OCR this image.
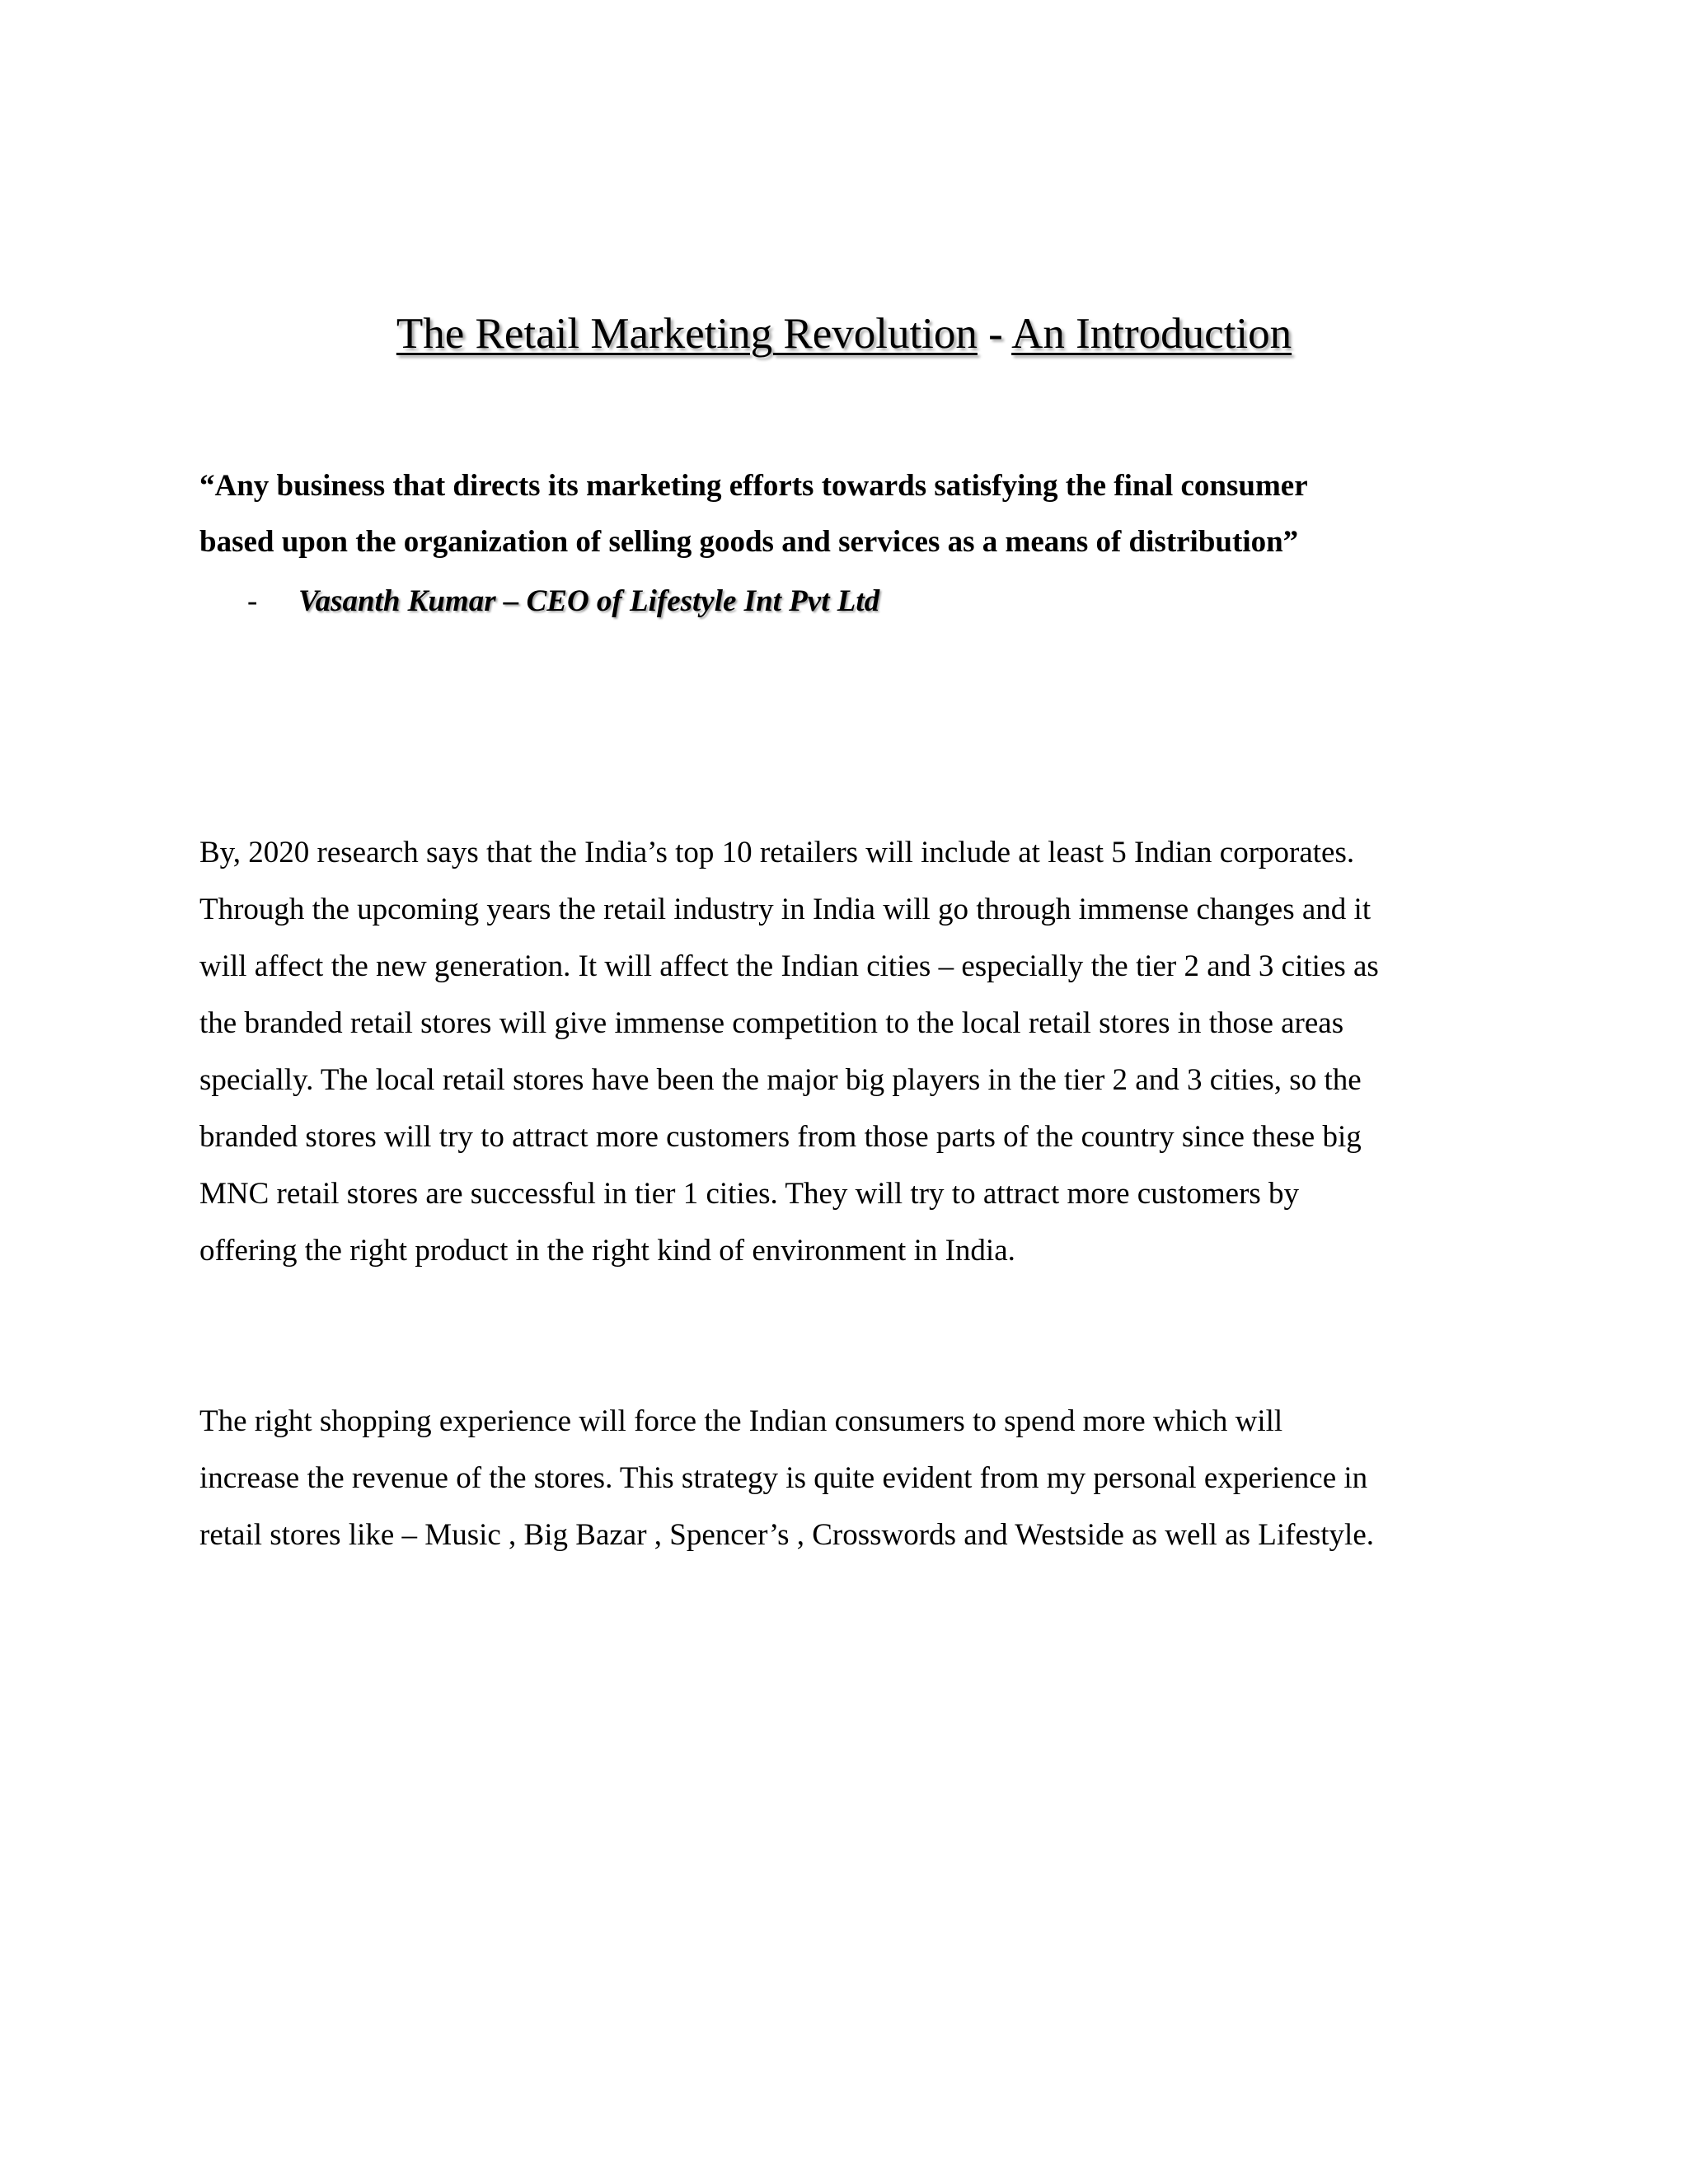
The Retail Marketing Revolution - An Introduction
“Any business that directs its marketing efforts towards satisfying the final consumer
based upon the organization of selling goods and services as a means of distribution”
- Vasanth Kumar – CEO of Lifestyle Int Pvt Ltd
By, 2020 research says that the India’s top 10 retailers will include at least 5 Indian corporates.
Through the upcoming years the retail industry in India will go through immense changes and it
will affect the new generation. It will affect the Indian cities – especially the tier 2 and 3 cities as
the branded retail stores will give immense competition to the local retail stores in those areas
specially. The local retail stores have been the major big players in the tier 2 and 3 cities, so the
branded stores will try to attract more customers from those parts of the country since these big
MNC retail stores are successful in tier 1 cities. They will try to attract more customers by
offering the right product in the right kind of environment in India.
The right shopping experience will force the Indian consumers to spend more which will
increase the revenue of the stores. This strategy is quite evident from my personal experience in
retail stores like – Music , Big Bazar , Spencer’s , Crosswords and Westside as well as Lifestyle.
